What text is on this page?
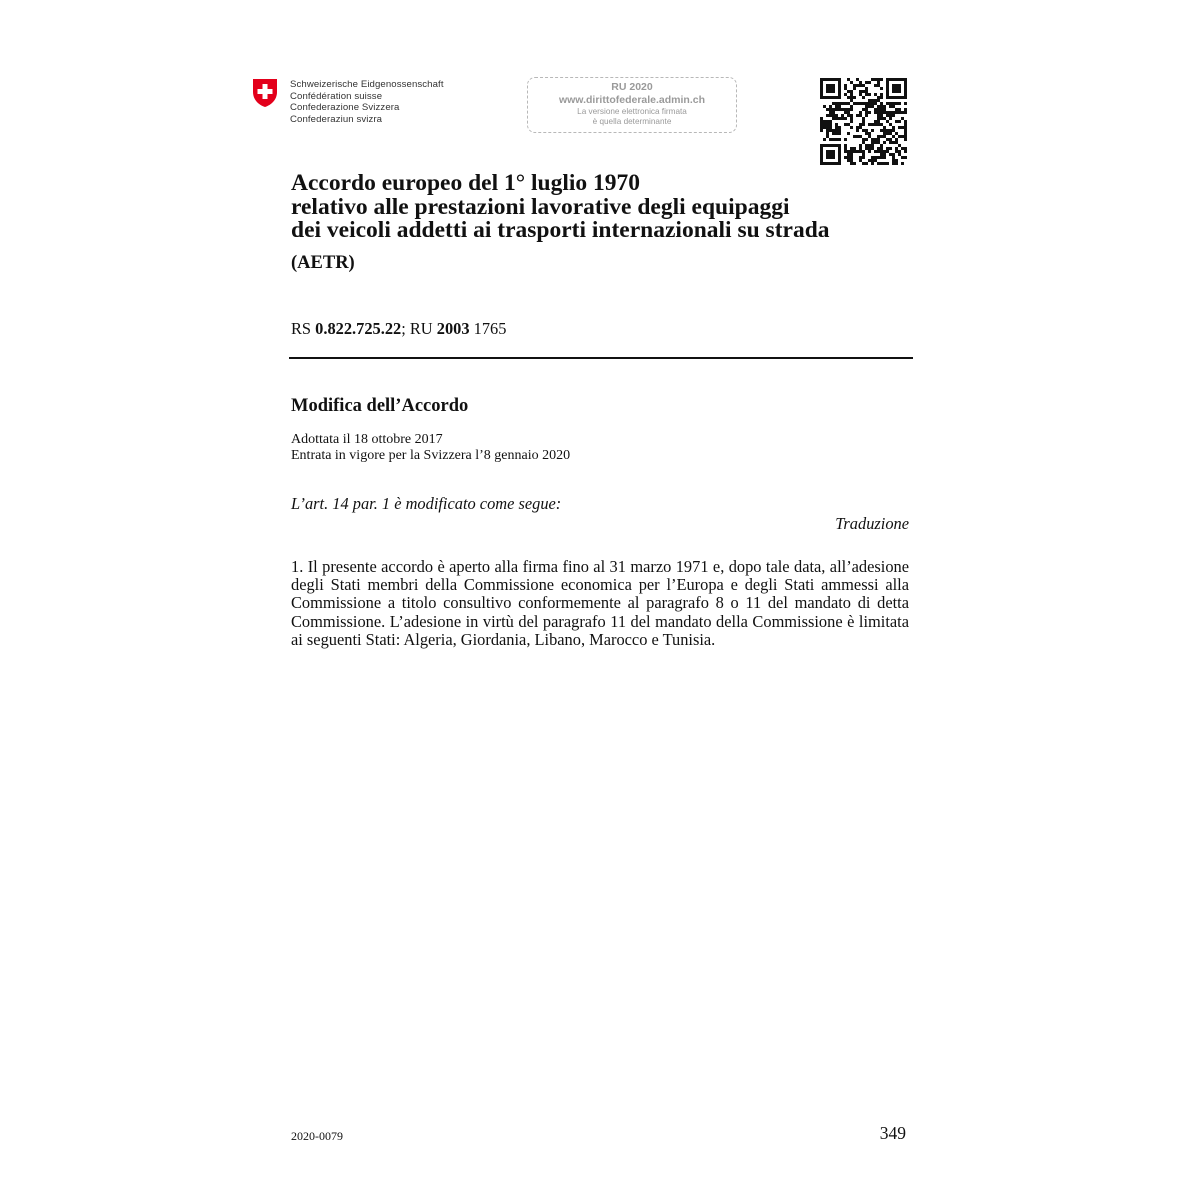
Schweizerische Eidgenossenschaft
Confédération suisse
Confederazione Svizzera
Confederaziun svizra
RU 2020
www.dirittofederale.admin.ch
La versione elettronica firmata
è quella determinante
Accordo europeo del 1° luglio 1970
relativo alle prestazioni lavorative degli equipaggi
dei veicoli addetti ai trasporti internazionali su strada
(AETR)
RS 0.822.725.22; RU 2003 1765
Modifica dell’Accordo
Adottata il 18 ottobre 2017
Entrata in vigore per la Svizzera l’8 gennaio 2020
L’art. 14 par. 1 è modificato come segue:
Traduzione
1. Il presente accordo è aperto alla firma fino al 31 marzo 1971 e, dopo tale data, all’adesione degli Stati membri della Commissione economica per l’Europa e degli Stati ammessi alla Commissione a titolo consultivo conformemente al paragrafo 8 o 11 del mandato di detta Commissione. L’adesione in virtù del paragrafo 11 del mandato della Commissione è limitata ai seguenti Stati: Algeria, Giordania, Libano, Marocco e Tunisia.
2020-0079	349
